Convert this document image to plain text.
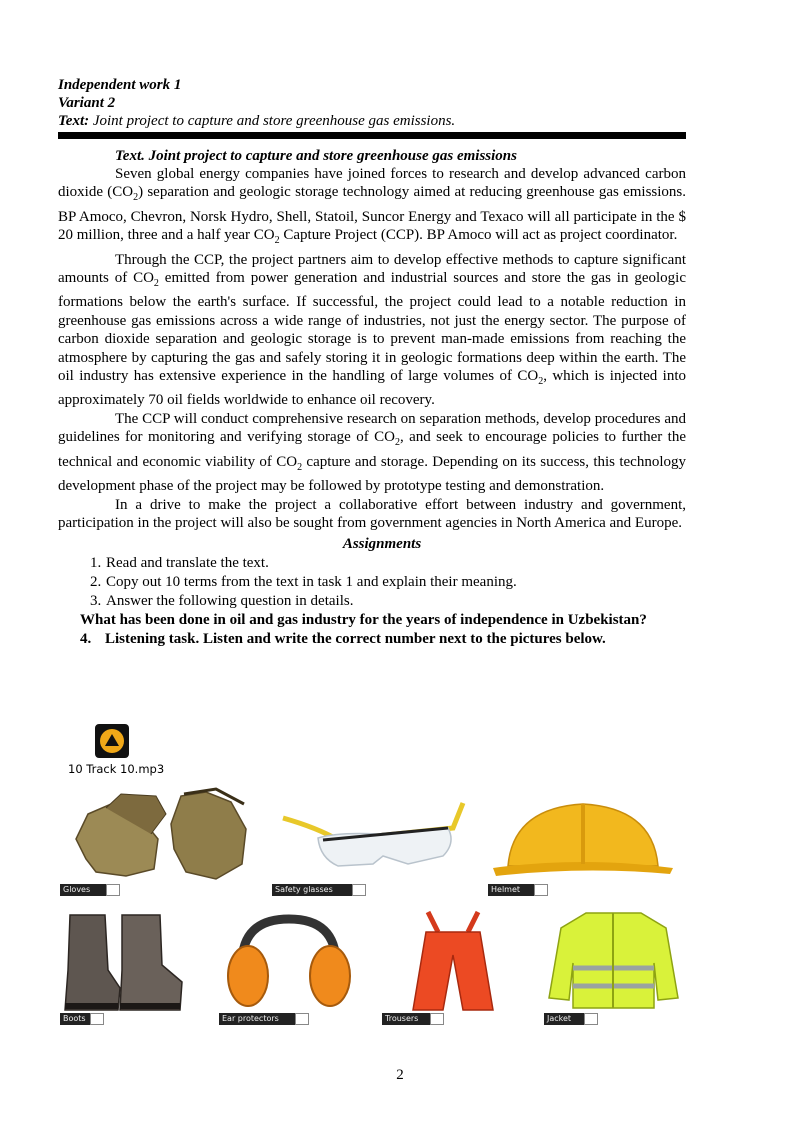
Independent work 1
Variant 2
Text: Joint project to capture and store greenhouse gas emissions.
Text. Joint project to capture and store greenhouse gas emissions

Seven global energy companies have joined forces to research and develop advanced carbon dioxide $(CO_2)$ separation and geologic storage technology aimed at reducing greenhouse gas emissions. BP Amoco, Chevron, Norsk Hydro, Shell, Statoil, Suncor Energy and Texaco will all participate in the $ 20 million, three and a half year $CO_2$ Capture Project (CCP). BP Amoco will act as project coordinator.

Through the CCP, the project partners aim to develop effective methods to capture significant amounts of $CO_2$ emitted from power generation and industrial sources and store the gas in geologic formations below the earth's surface. If successful, the project could lead to a notable reduction in greenhouse gas emissions across a wide range of industries, not just the energy sector. The purpose of carbon dioxide separation and geologic storage is to prevent man-made emissions from reaching the atmosphere by capturing the gas and safely storing it in geologic formations deep within the earth. The oil industry has extensive experience in the handling of large volumes of $CO_2$, which is injected into approximately 70 oil fields worldwide to enhance oil recovery.

The CCP will conduct comprehensive research on separation methods, develop procedures and guidelines for monitoring and verifying storage of $CO_2$, and seek to encourage policies to further the technical and economic viability of $CO_2$ capture and storage. Depending on its success, this technology development phase of the project may be followed by prototype testing and demonstration.

In a drive to make the project a collaborative effort between industry and government, participation in the project will also be sought from government agencies in North America and Europe.

Assignments
1. Read and translate the text.
2. Copy out 10 terms from the text in task 1 and explain their meaning.
3. Answer the following question in details.
What has been done in oil and gas industry for the years of independence in Uzbekistan?
4. Listening task. Listen and write the correct number next to the pictures below.
10 Track 10.mp3
Gloves	Safety glasses	Helmet
Boots	Ear protectors	Trousers	Jacket
2
